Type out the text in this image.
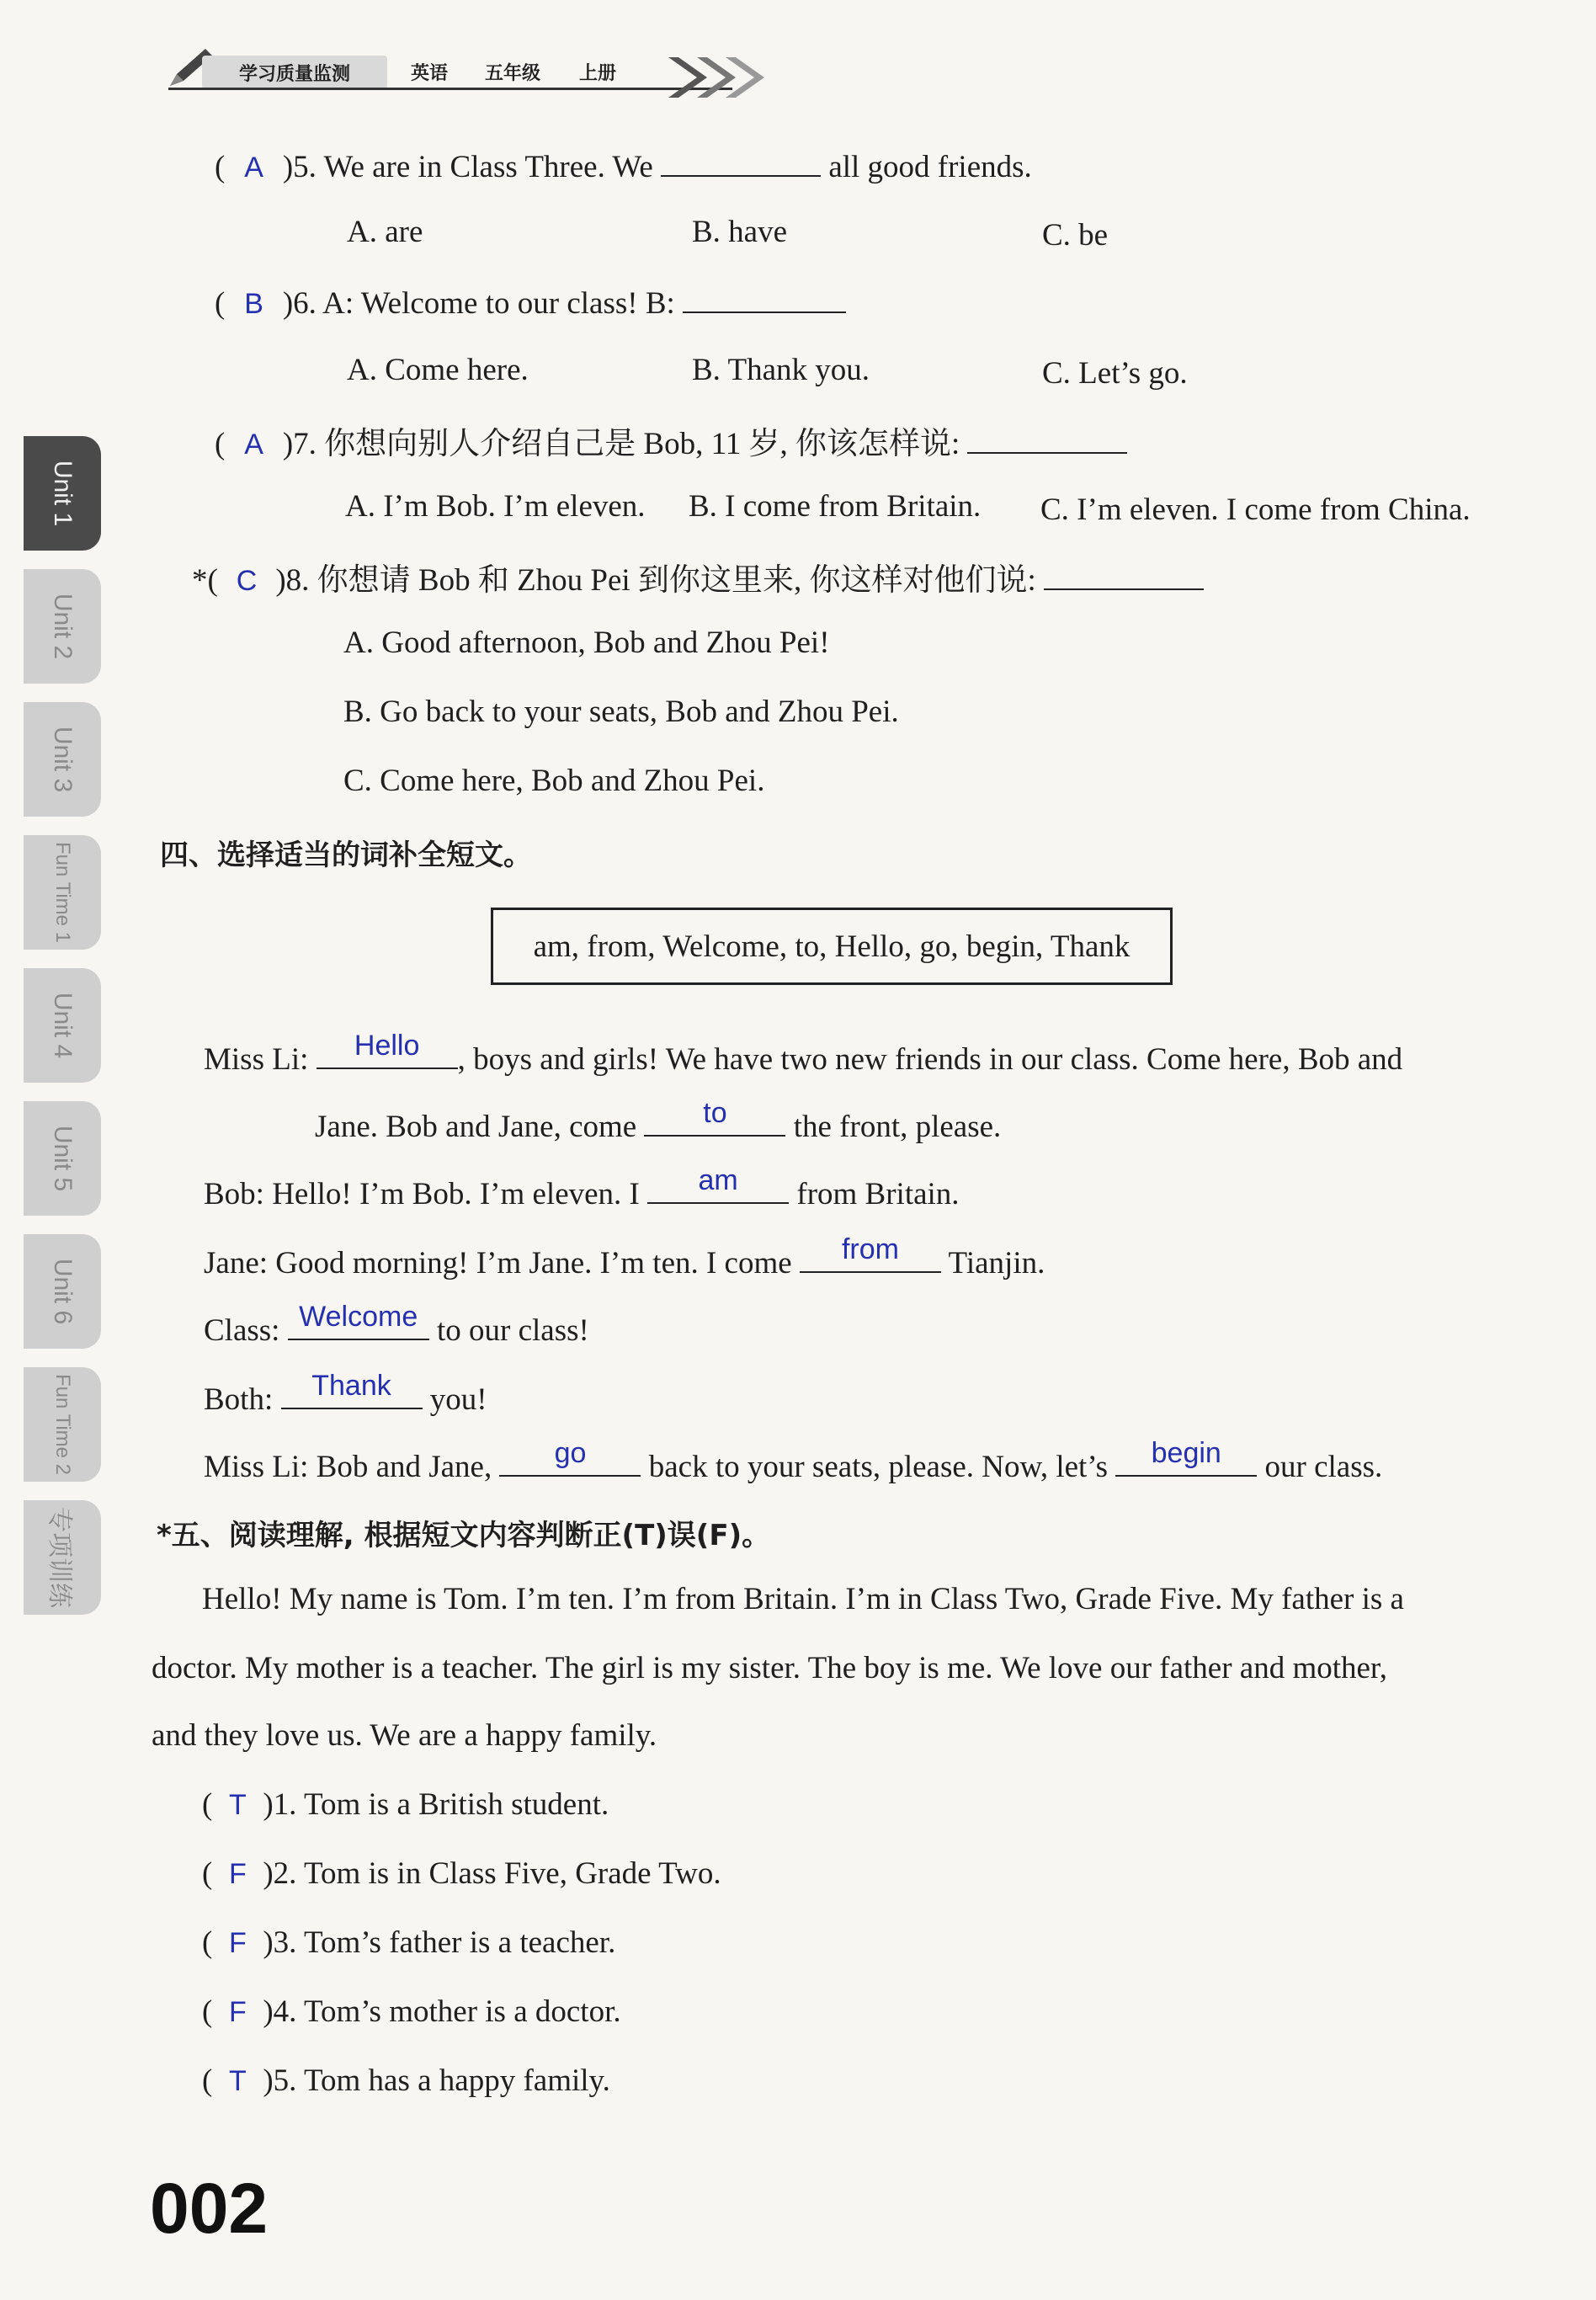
学习质量监测	英语 五年级 上册
Unit 1
Unit 2
Unit 3
Fun Time 1
Unit 4
Unit 5
Unit 6
Fun Time 2
专项训练
( A )5. We are in Class Three. We	all good friends.
A. are	B. have	C. be
( B )6. A: Welcome to our class! B:
A. Come here.	B. Thank you.	C. Let’s go.
( A )7. 你想向别人介绍自己是 Bob, 11 岁, 你该怎样说:
A. I’m Bob. I’m eleven. B. I come from Britain. C. I’m eleven. I come from China.
*( C )8. 你想请 Bob 和 Zhou Pei 到你这里来, 你这样对他们说:
A. Good afternoon, Bob and Zhou Pei!
B. Go back to your seats, Bob and Zhou Pei.
C. Come here, Bob and Zhou Pei.
四、选择适当的词补全短文。
am, from, Welcome, to, Hello, go, begin, Thank
Miss Li:	Hello	, boys and girls! We have two new friends in our class. Come here, Bob and
Jane. Bob and Jane, come	to	the front, please.
Bob: Hello! I’m Bob. I’m eleven. I	am	from Britain.
Jane: Good morning! I’m Jane. I’m ten. I come	from	Tianjin.
Class: Welcome to our class!
Both:	Thank	you!
Miss Li: Bob and Jane,	go	back to your seats, please. Now, let’s	begin	our class.
*五、阅读理解, 根据短文内容判断正(T)误(F)。
Hello! My name is Tom. I’m ten. I’m from Britain. I’m in Class Two, Grade Five. My father is a
doctor. My mother is a teacher. The girl is my sister. The boy is me. We love our father and mother,
and they love us. We are a happy family.
( T )1. Tom is a British student.
( F )2. Tom is in Class Five, Grade Two.
( F )3. Tom’s father is a teacher.
( F )4. Tom’s mother is a doctor.
( T )5. Tom has a happy family.
002
